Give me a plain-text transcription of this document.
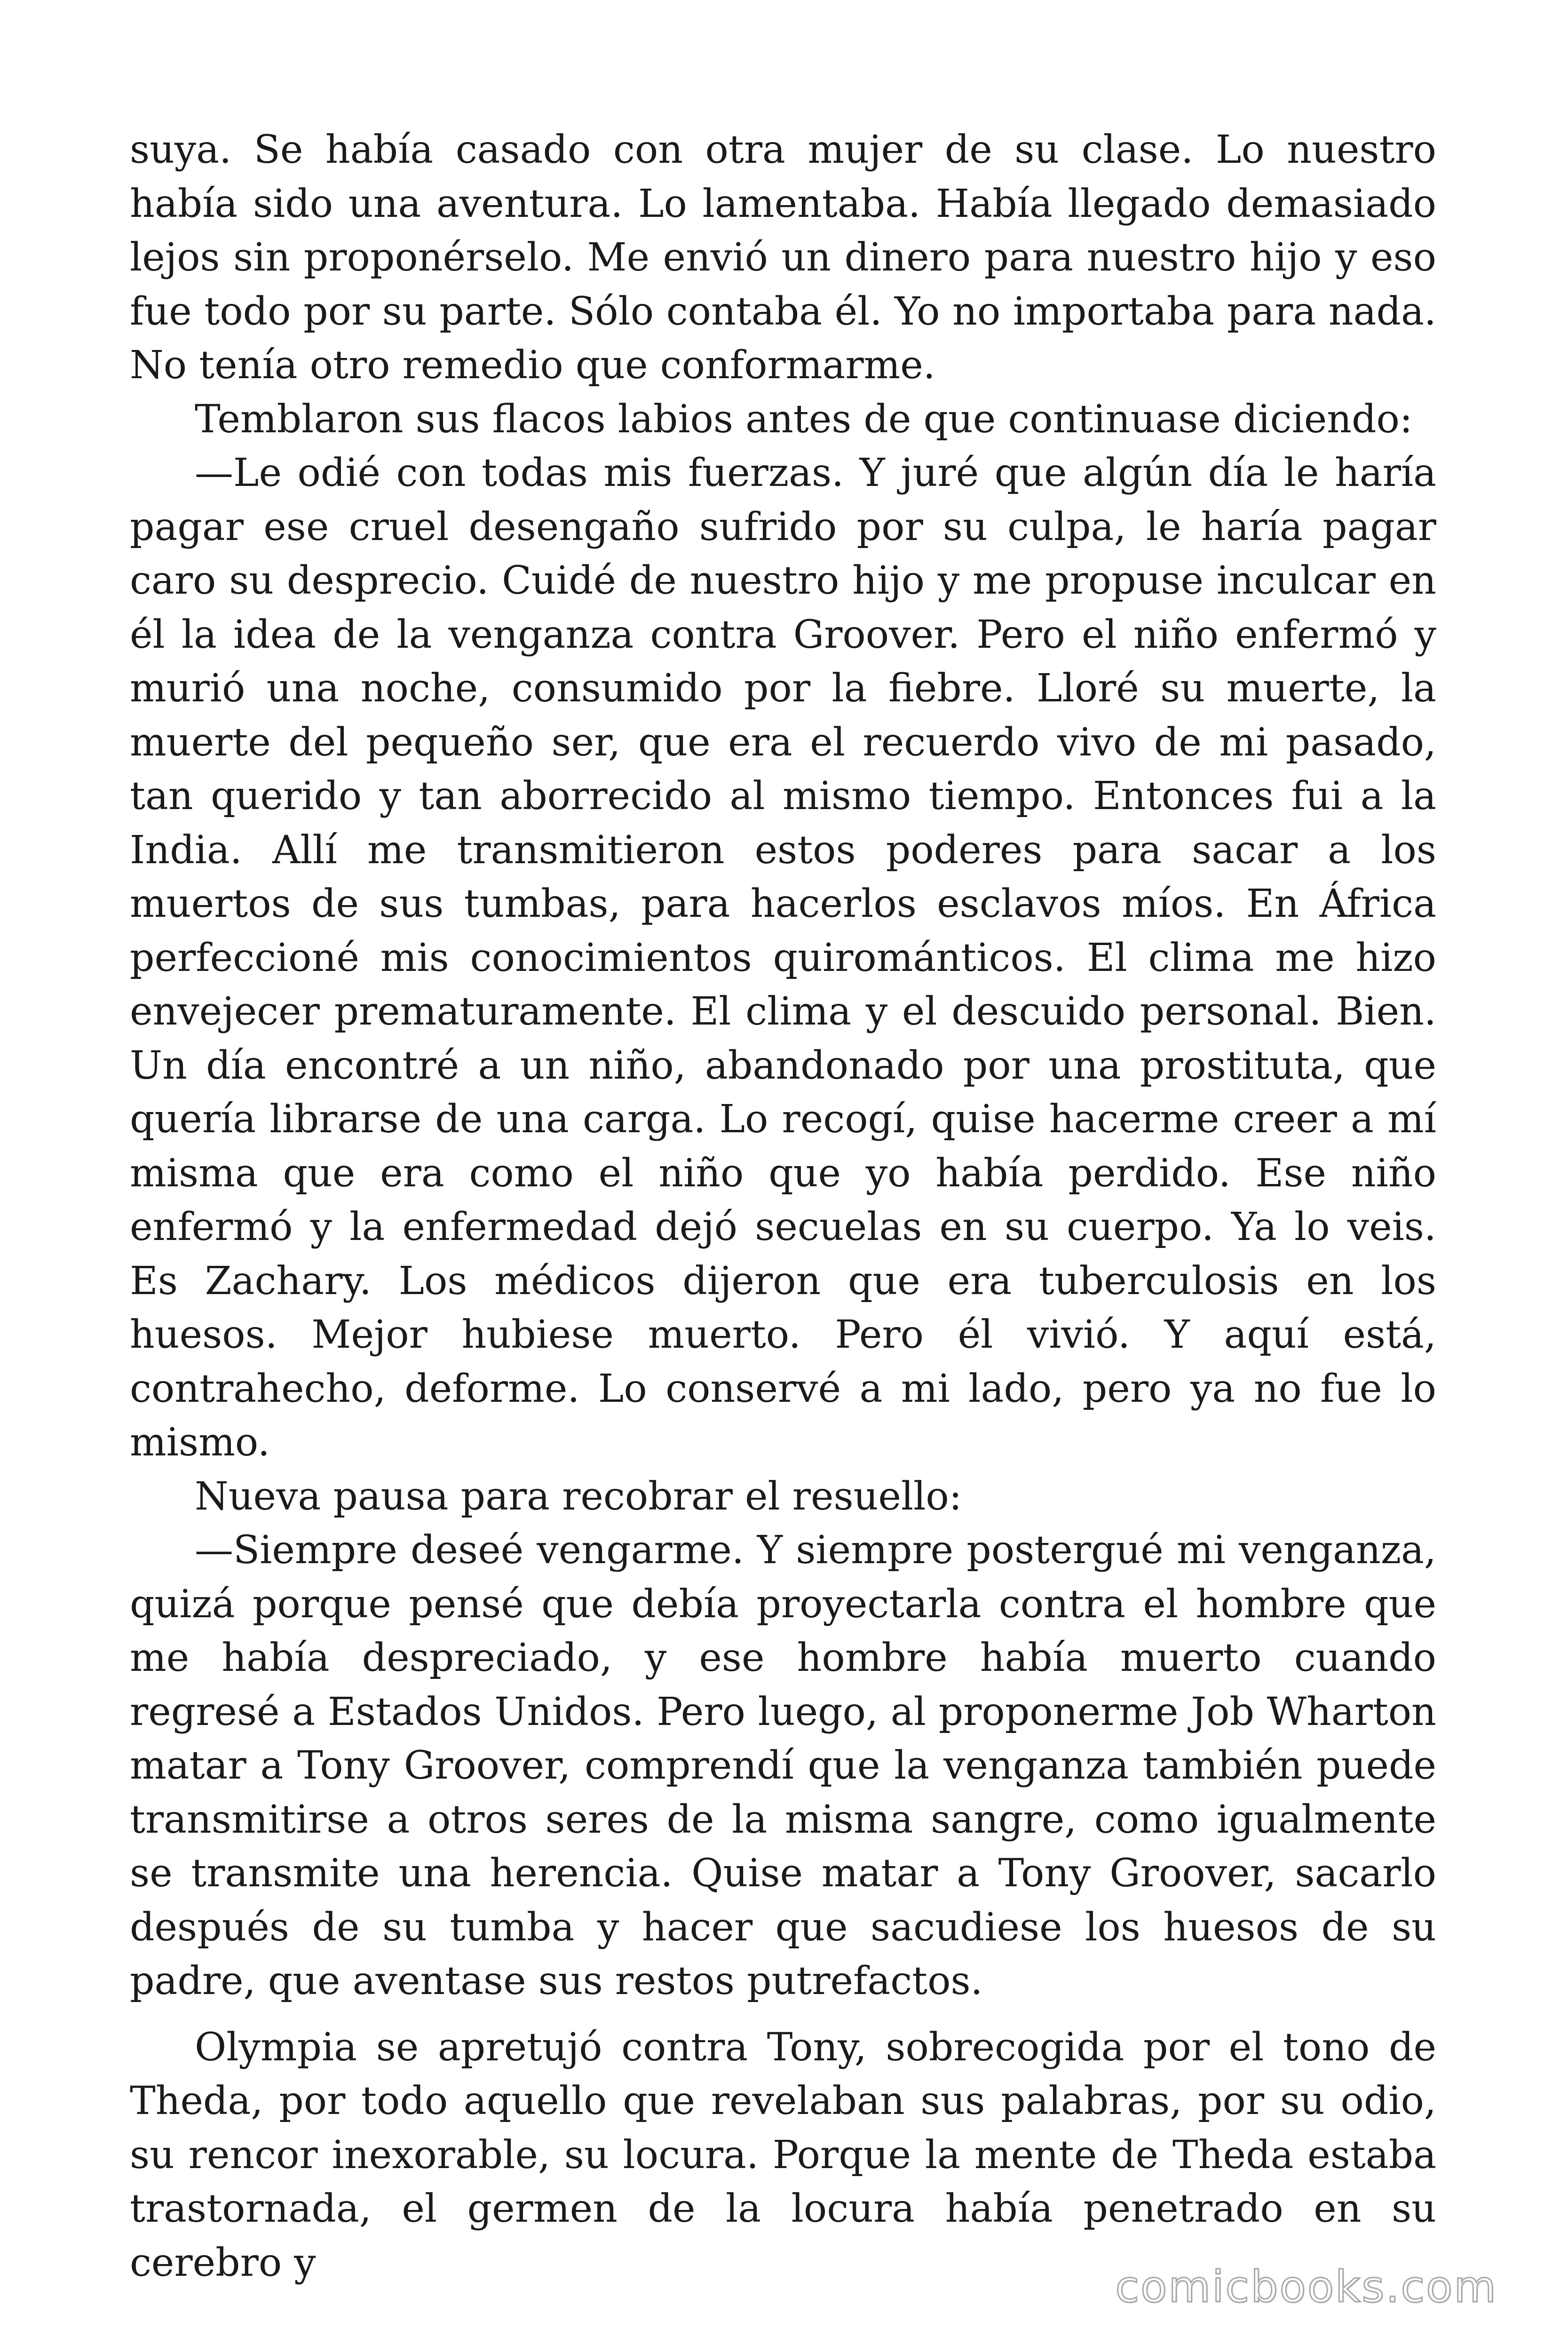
suya. Se había casado con otra mujer de su clase. Lo nuestro había sido una aventura. Lo lamentaba. Había llegado demasiado lejos sin proponérselo. Me envió un dinero para nuestro hijo y eso fue todo por su parte. Sólo contaba él. Yo no importaba para nada. No tenía otro remedio que conformarme.

Temblaron sus flacos labios antes de que continuase diciendo:

—Le odié con todas mis fuerzas. Y juré que algún día le haría pagar ese cruel desengaño sufrido por su culpa, le haría pagar caro su desprecio. Cuidé de nuestro hijo y me propuse inculcar en él la idea de la venganza contra Groover. Pero el niño enfermó y murió una noche, consumido por la fiebre. Lloré su muerte, la muerte del pequeño ser, que era el recuerdo vivo de mi pasado, tan querido y tan aborrecido al mismo tiempo. Entonces fui a la India. Allí me transmitieron estos poderes para sacar a los muertos de sus tumbas, para hacerlos esclavos míos. En África perfeccioné mis conocimientos quirománticos. El clima me hizo envejecer prematuramente. El clima y el descuido personal. Bien. Un día encontré a un niño, abandonado por una prostituta, que quería librarse de una carga. Lo recogí, quise hacerme creer a mí misma que era como el niño que yo había perdido. Ese niño enfermó y la enfermedad dejó secuelas en su cuerpo. Ya lo veis. Es Zachary. Los médicos dijeron que era tuberculosis en los huesos. Mejor hubiese muerto. Pero él vivió. Y aquí está, contrahecho, deforme. Lo conservé a mi lado, pero ya no fue lo mismo.

Nueva pausa para recobrar el resuello:

—Siempre deseé vengarme. Y siempre postergué mi venganza, quizá porque pensé que debía proyectarla contra el hombre que me había despreciado, y ese hombre había muerto cuando regresé a Estados Unidos. Pero luego, al proponerme Job Wharton matar a Tony Groover, comprendí que la venganza también puede transmitirse a otros seres de la misma sangre, como igualmente se transmite una herencia. Quise matar a Tony Groover, sacarlo después de su tumba y hacer que sacudiese los huesos de su padre, que aventase sus restos putrefactos.

Olympia se apretujó contra Tony, sobrecogida por el tono de Theda, por todo aquello que revelaban sus palabras, por su odio, su rencor inexorable, su locura. Porque la mente de Theda estaba trastornada, el germen de la locura había penetrado en su cerebro y	comicbooks.com
